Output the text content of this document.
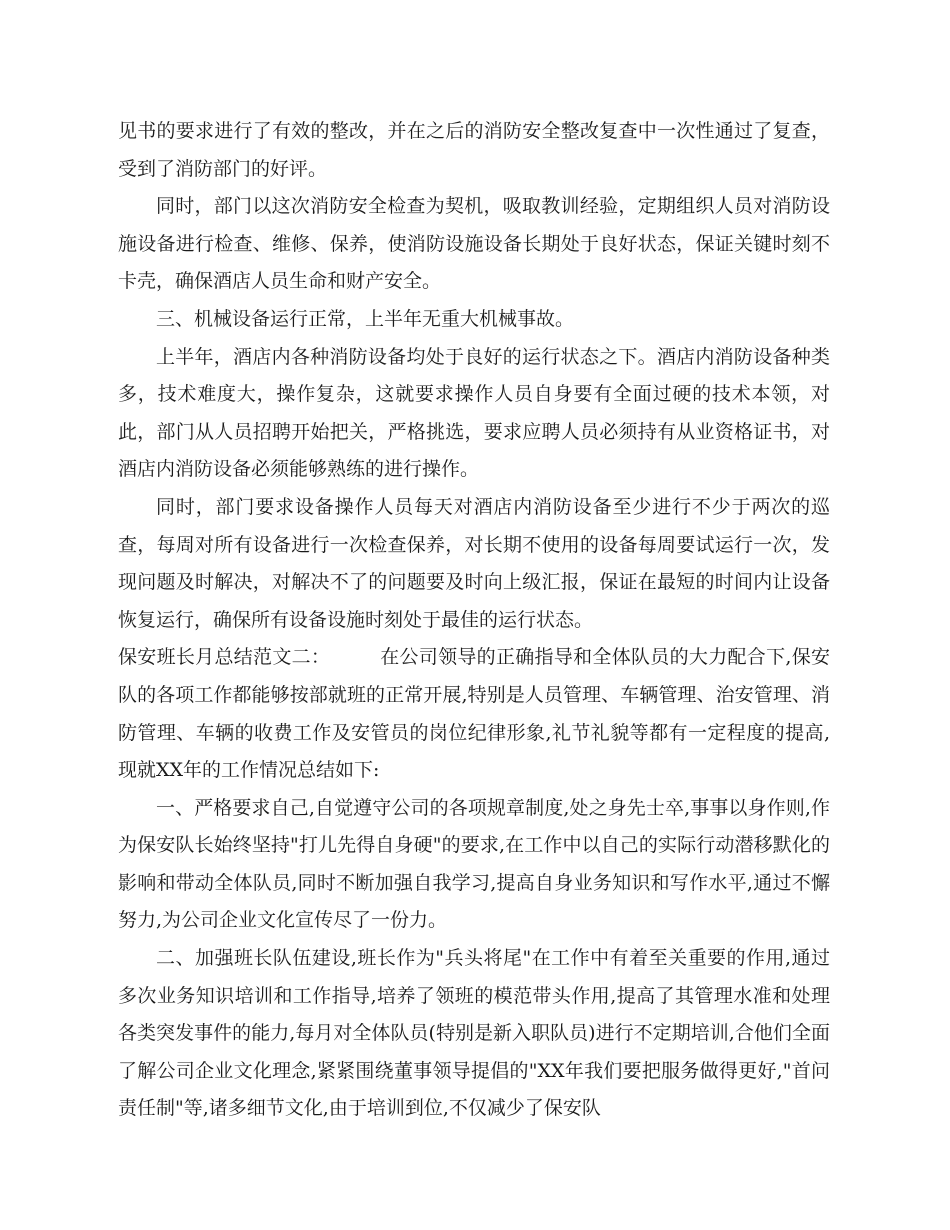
见书的要求进行了有效的整改，并在之后的消防安全整改复查中一次性通过了复查，受到了消防部门的好评。

同时，部门以这次消防安全检查为契机，吸取教训经验，定期组织人员对消防设施设备进行检查、维修、保养，使消防设施设备长期处于良好状态，保证关键时刻不卡壳，确保酒店人员生命和财产安全。

三、机械设备运行正常，上半年无重大机械事故。

上半年，酒店内各种消防设备均处于良好的运行状态之下。酒店内消防设备种类多，技术难度大，操作复杂，这就要求操作人员自身要有全面过硬的技术本领，对此，部门从人员招聘开始把关，严格挑选，要求应聘人员必须持有从业资格证书，对酒店内消防设备必须能够熟练的进行操作。

同时，部门要求设备操作人员每天对酒店内消防设备至少进行不少于两次的巡查，每周对所有设备进行一次检查保养，对长期不使用的设备每周要试运行一次，发现问题及时解决，对解决不了的问题要及时向上级汇报，保证在最短的时间内让设备恢复运行，确保所有设备设施时刻处于最佳的运行状态。

保安班长月总结范文二：	在公司领导的正确指导和全体队员的大力配合下,保安队的各项工作都能够按部就班的正常开展,特别是人员管理、车辆管理、治安管理、消防管理、车辆的收费工作及安管员的岗位纪律形象,礼节礼貌等都有一定程度的提高,现就XX年的工作情况总结如下:

一、严格要求自己,自觉遵守公司的各项规章制度,处之身先士卒,事事以身作则,作为保安队长始终坚持"打儿先得自身硬"的要求,在工作中以自己的实际行动潜移默化的影响和带动全体队员,同时不断加强自我学习,提高自身业务知识和写作水平,通过不懈努力,为公司企业文化宣传尽了一份力。

二、加强班长队伍建设,班长作为"兵头将尾"在工作中有着至关重要的作用,通过多次业务知识培训和工作指导,培养了领班的模范带头作用,提高了其管理水准和处理各类突发事件的能力,每月对全体队员(特别是新入职队员)进行不定期培训,合他们全面了解公司企业文化理念,紧紧围绕董事领导提倡的"XX年我们要把服务做得更好,"首问责任制"等,诸多细节文化,由于培训到位,不仅减少了保安队
